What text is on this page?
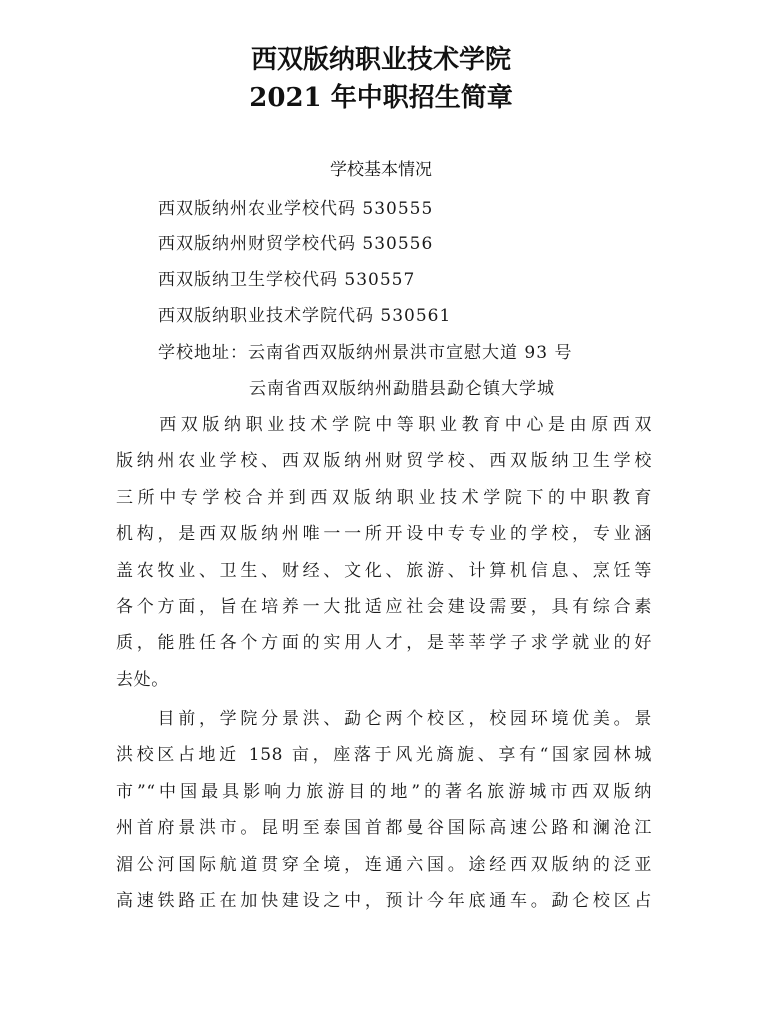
西双版纳职业技术学院
2021 年中职招生简章
学校基本情况
西双版纳州农业学校代码 530555
西双版纳州财贸学校代码 530556
西双版纳卫生学校代码 530557
西双版纳职业技术学院代码 530561
学校地址：云南省西双版纳州景洪市宣慰大道 93 号
云南省西双版纳州勐腊县勐仑镇大学城
　　西双版纳职业技术学院中等职业教育中心是由原西双
版纳州农业学校、西双版纳州财贸学校、西双版纳卫生学校
三所中专学校合并到西双版纳职业技术学院下的中职教育
机构，是西双版纳州唯一一所开设中专专业的学校，专业涵
盖农牧业、卫生、财经、文化、旅游、计算机信息、烹饪等
各个方面，旨在培养一大批适应社会建设需要，具有综合素
质，能胜任各个方面的实用人才，是莘莘学子求学就业的好
去处。
　　目前，学院分景洪、勐仑两个校区，校园环境优美。景
洪校区占地近 158 亩，座落于风光旖旎、享有“国家园林城
市”“中国最具影响力旅游目的地”的著名旅游城市西双版纳
州首府景洪市。昆明至泰国首都曼谷国际高速公路和澜沧江
湄公河国际航道贯穿全境，连通六国。途经西双版纳的泛亚
高速铁路正在加快建设之中，预计今年底通车。勐仑校区占
